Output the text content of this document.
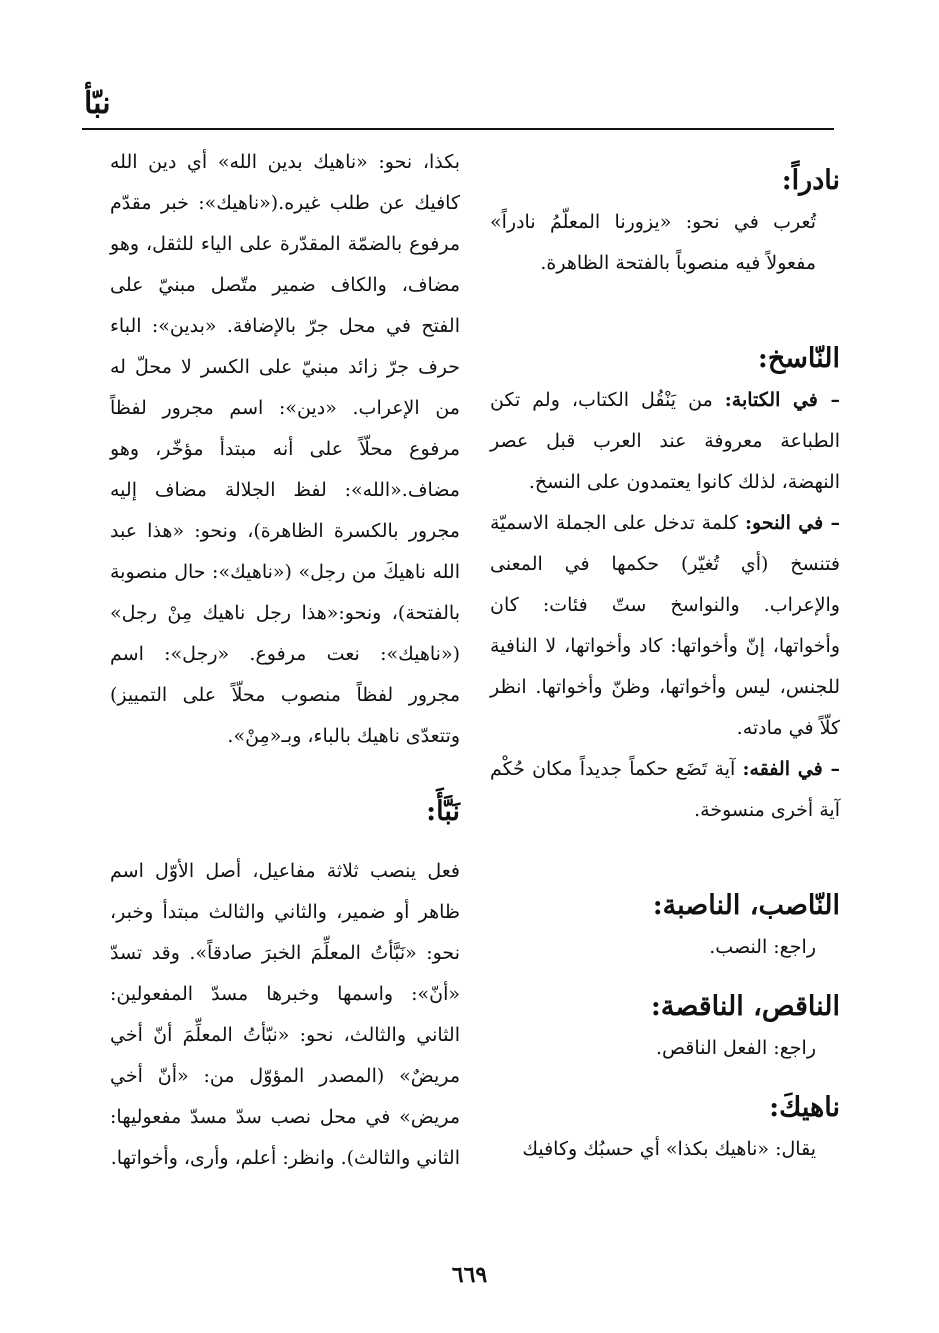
نبّأ

نادراً:

تُعرب في نحو: «يزورنا المعلّمُ نادراً» مفعولاً فيه منصوباً بالفتحة الظاهرة.

النّاسخ:

– في الكتابة: من يَنْقُل الكتاب، ولم تكن الطباعة معروفة عند العرب قبل عصر النهضة، لذلك كانوا يعتمدون على النسخ.

– في النحو: كلمة تدخل على الجملة الاسميّة فتنسخ (أي تُغيّر) حكمها في المعنى والإعراب. والنواسخ ستّ فئات: كان وأخواتها، إنّ وأخواتها: كاد وأخواتها، لا النافية للجنس، ليس وأخواتها، وظنّ وأخواتها. انظر كلّاً في مادته.

– في الفقه: آية تَضَع حكماً جديداً مكان حُكْم آية أخرى منسوخة.

النّاصب، الناصبة:

راجع: النصب.

الناقص، الناقصة:

راجع: الفعل الناقص.

ناهيكَ:

يقال: «ناهيك بكذا» أي حسبُك وكافيك

بكذا، نحو: «ناهيك بدين الله» أي دين الله كافيك عن طلب غيره.(«ناهيك»: خبر مقدّم مرفوع بالضمّة المقدّرة على الياء للثقل، وهو مضاف، والكاف ضمير متّصل مبنيّ على الفتح في محل جرّ بالإضافة. «بدين»: الباء حرف جرّ زائد مبنيّ على الكسر لا محلّ له من الإعراب. «دين»: اسم مجرور لفظاً مرفوع محلّاً على أنه مبتدأ مؤخّر، وهو مضاف.«الله»: لفظ الجلالة مضاف إليه مجرور بالكسرة الظاهرة)، ونحو: «هذا عبد الله ناهيكَ من رجل» («ناهيك»: حال منصوبة بالفتحة)، ونحو:«هذا رجل ناهيك مِنْ رجل» («ناهيك»: نعت مرفوع. «رجل»: اسم مجرور لفظاً منصوب محلّاً على التمييز) وتتعدّى ناهيك بالباء، وبـ«مِنْ».

نَبَّأَ:

فعل ينصب ثلاثة مفاعيل، أصل الأوّل اسم ظاهر أو ضمير، والثاني والثالث مبتدأ وخبر، نحو: «نَبَّأتُ المعلِّمَ الخبرَ صادقاً». وقد تسدّ «أنّ»: واسمها وخبرها مسدّ المفعولين: الثاني والثالث، نحو: «نبّأتُ المعلِّمَ أنّ أخي مريضٌ» (المصدر المؤوّل من: «أنّ أخي مريض» في محل نصب سدّ مسدّ مفعوليها: الثاني والثالث). وانظر: أعلم، وأرى، وأخواتها.

٦٦٩
